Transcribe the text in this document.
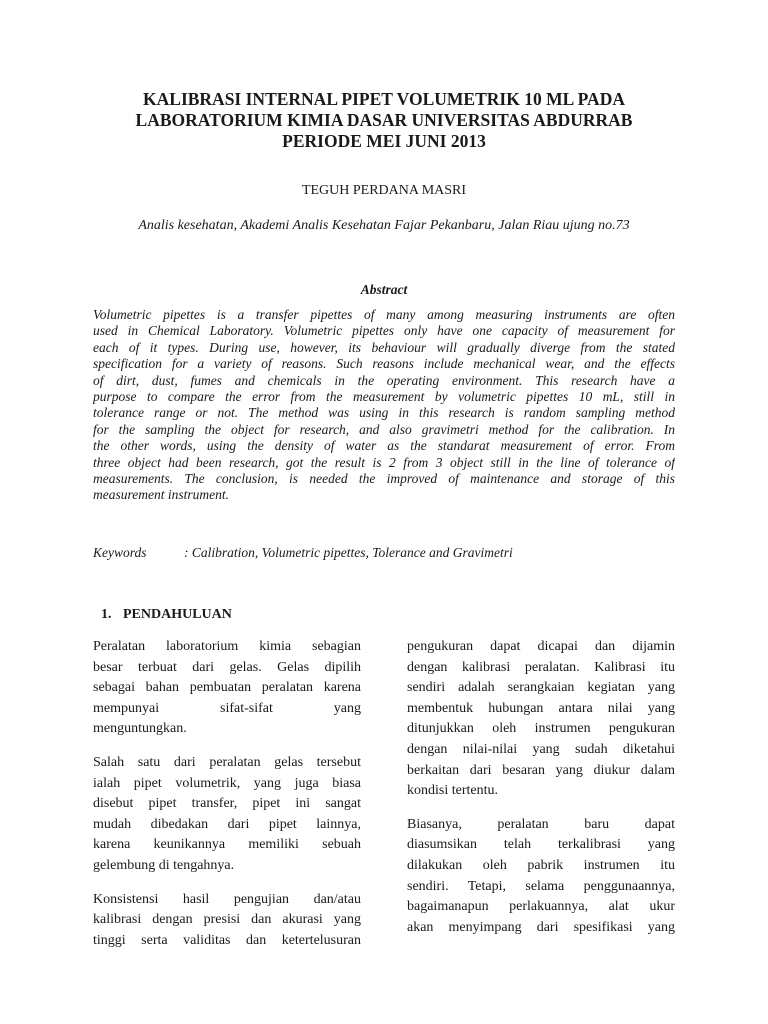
KALIBRASI INTERNAL PIPET VOLUMETRIK 10 ML PADA
LABORATORIUM KIMIA DASAR UNIVERSITAS ABDURRAB
PERIODE MEI JUNI 2013

TEGUH PERDANA MASRI

Analis kesehatan, Akademi Analis Kesehatan Fajar Pekanbaru, Jalan Riau ujung no.73

Abstract

Volumetric pipettes is a transfer pipettes of many among measuring instruments are often
used in Chemical Laboratory. Volumetric pipettes only have one capacity of measurement for
each of it types. During use, however, its behaviour will gradually diverge from the stated
specification for a variety of reasons. Such reasons include mechanical wear, and the effects
of dirt, dust, fumes and chemicals in the operating environment. This research have a
purpose to compare the error from the measurement by volumetric pipettes 10 mL, still in
tolerance range or not. The method was using in this research is random sampling method
for the sampling the object for research, and also gravimetri method for the calibration. In
the other words, using the density of water as the standarat measurement of error. From
three object had been research, got the result is 2 from 3 object still in the line of tolerance of
measurements. The conclusion, is needed the improved of maintenance and storage of this
measurement instrument.

Keywords	: Calibration, Volumetric pipettes, Tolerance and Gravimetri

1. PENDAHULUAN
Peralatan laboratorium kimia sebagian
besar terbuat dari gelas. Gelas dipilih
sebagai bahan pembuatan peralatan karena
mempunyai sifat-sifat yang
menguntungkan.
Salah satu dari peralatan gelas tersebut
ialah pipet volumetrik, yang juga biasa
disebut pipet transfer, pipet ini sangat
mudah dibedakan dari pipet lainnya,
karena keunikannya memiliki sebuah
gelembung di tengahnya.
Konsistensi hasil pengujian dan/atau
kalibrasi dengan presisi dan akurasi yang
tinggi serta validitas dan ketertelusuran
pengukuran dapat dicapai dan dijamin
dengan kalibrasi peralatan. Kalibrasi itu
sendiri adalah serangkaian kegiatan yang
membentuk hubungan antara nilai yang
ditunjukkan oleh instrumen pengukuran
dengan nilai-nilai yang sudah diketahui
berkaitan dari besaran yang diukur dalam
kondisi tertentu.
Biasanya, peralatan baru dapat
diasumsikan telah terkalibrasi yang
dilakukan oleh pabrik instrumen itu
sendiri. Tetapi, selama penggunaannya,
bagaimanapun perlakuannya, alat ukur
akan menyimpang dari spesifikasi yang
